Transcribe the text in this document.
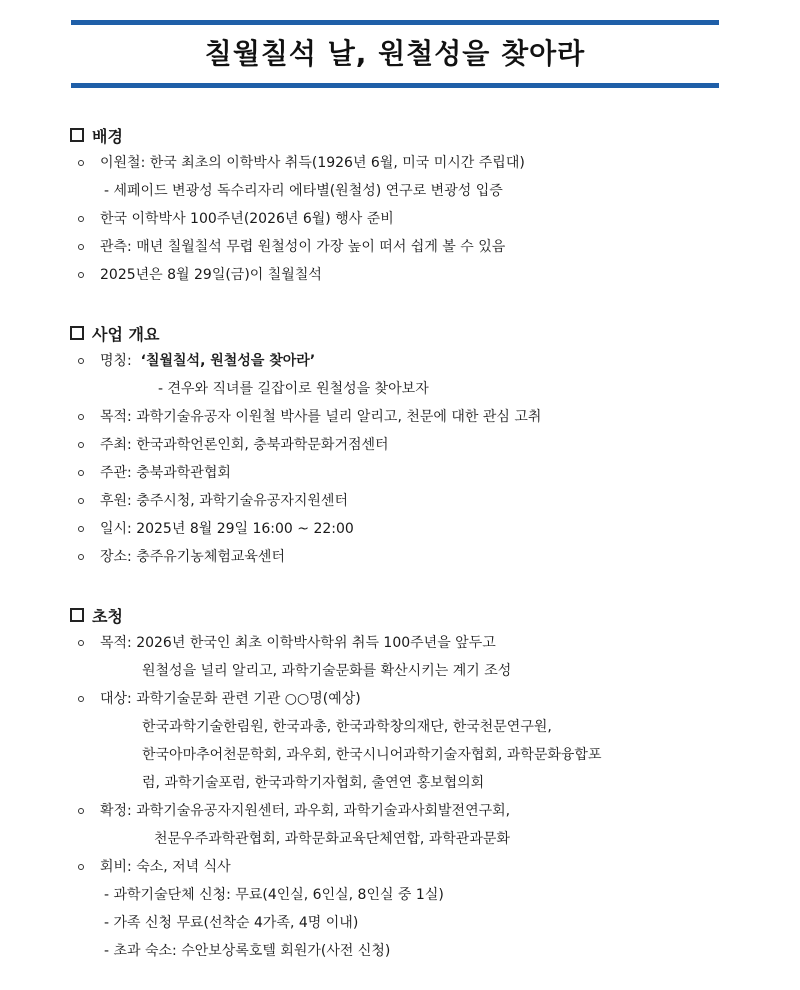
칠월칠석 날, 원철성을 찾아라
배경
이원철: 한국 최초의 이학박사 취득(1926년 6월, 미국 미시간 주립대)
- 세페이드 변광성 독수리자리 에타별(원철성) 연구로 변광성 입증
한국 이학박사 100주년(2026년 6월) 행사 준비
관측: 매년 칠월칠석 무렵 원철성이 가장 높이 떠서 쉽게 볼 수 있음
2025년은 8월 29일(금)이 칠월칠석
사업 개요
명칭: ‘칠월칠석, 원철성을 찾아라’
- 견우와 직녀를 길잡이로 원철성을 찾아보자
목적: 과학기술유공자 이원철 박사를 널리 알리고, 천문에 대한 관심 고취
주최: 한국과학언론인회, 충북과학문화거점센터
주관: 충북과학관협회
후원: 충주시청, 과학기술유공자지원센터
일시: 2025년 8월 29일 16:00 ~ 22:00
장소: 충주유기농체험교육센터
초청
목적: 2026년 한국인 최초 이학박사학위 취득 100주년을 앞두고
원철성을 널리 알리고, 과학기술문화를 확산시키는 계기 조성
대상: 과학기술문화 관련 기관 ○○명(예상)
한국과학기술한림원, 한국과총, 한국과학창의재단, 한국천문연구원,
한국아마추어천문학회, 과우회, 한국시니어과학기술자협회, 과학문화융합포
럼, 과학기술포럼, 한국과학기자협회, 출연연 홍보협의회
확정: 과학기술유공자지원센터, 과우회, 과학기술과사회발전연구회,
천문우주과학관협회, 과학문화교육단체연합, 과학관과문화
회비: 숙소, 저녁 식사
- 과학기술단체 신청: 무료(4인실, 6인실, 8인실 중 1실)
- 가족 신청 무료(선착순 4가족, 4명 이내)
- 초과 숙소: 수안보상록호텔 회원가(사전 신청)
